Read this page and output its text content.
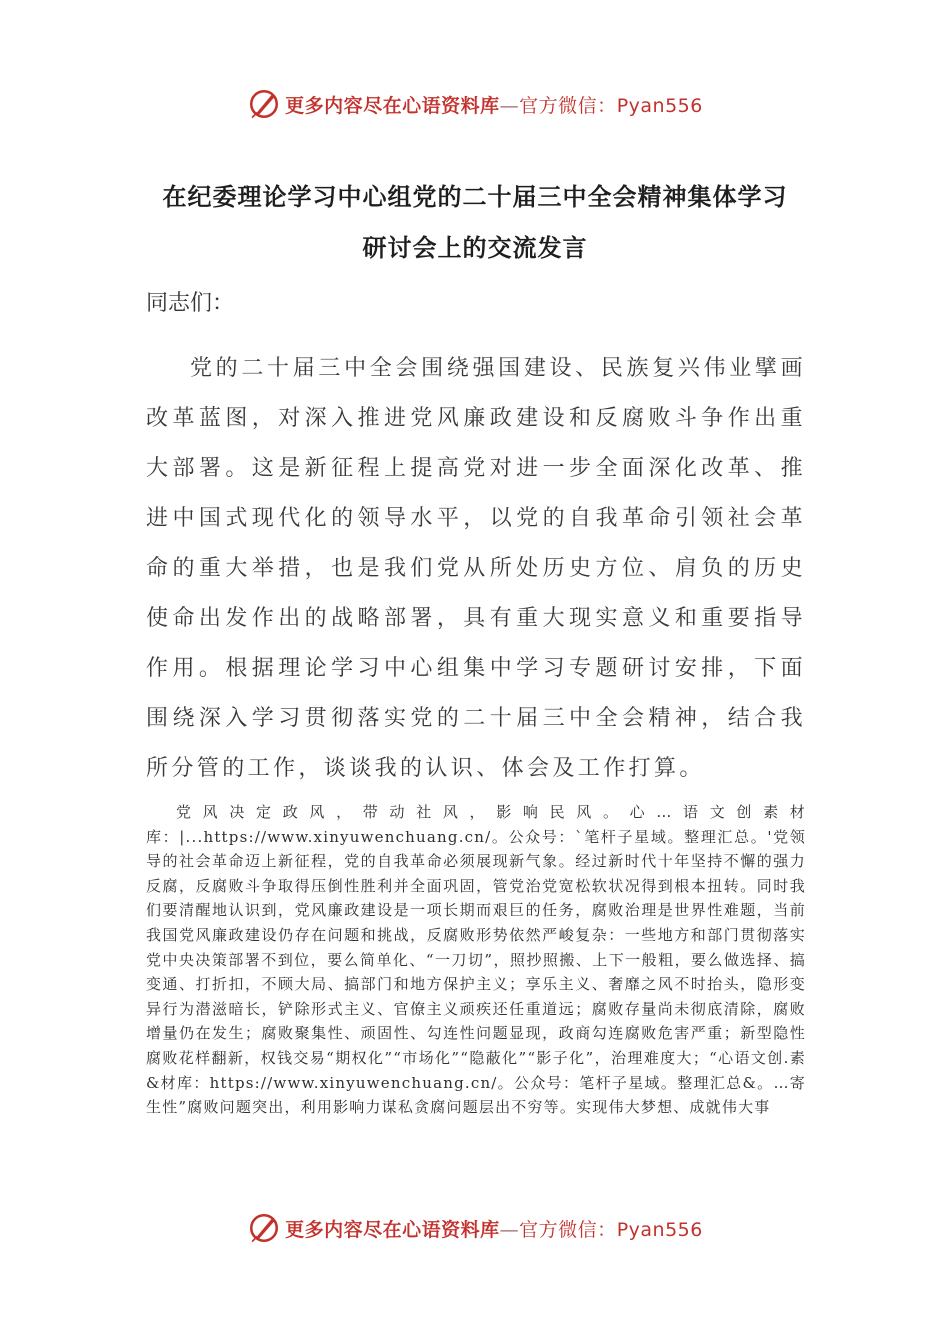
更多内容尽在心语资料库—官方微信：Pyan556
在纪委理论学习中心组党的二十届三中全会精神集体学习
研讨会上的交流发言
同志们：

党的二十届三中全会围绕强国建设、民族复兴伟业擘画改革蓝图，对深入推进党风廉政建设和反腐败斗争作出重大部署。这是新征程上提高党对进一步全面深化改革、推进中国式现代化的领导水平，以党的自我革命引领社会革命的重大举措，也是我们党从所处历史方位、肩负的历史使命出发作出的战略部署，具有重大现实意义和重要指导作用。根据理论学习中心组集中学习专题研讨安排，下面围绕深入学习贯彻落实党的二十届三中全会精神，结合我所分管的工作，谈谈我的认识、体会及工作打算。

党风决定政风，带动社风，影响民风。心…语文创素材库：|...https://www.xinyuwenchuang.cn/。公众号：`笔杆子星域。整理汇总。'党领导的社会革命迈上新征程，党的自我革命必须展现新气象。经过新时代十年坚持不懈的强力反腐，反腐败斗争取得压倒性胜利并全面巩固，管党治党宽松软状况得到根本扭转。同时我们要清醒地认识到，党风廉政建设是一项长期而艰巨的任务，腐败治理是世界性难题，当前我国党风廉政建设仍存在问题和挑战，反腐败形势依然严峻复杂：一些地方和部门贯彻落实党中央决策部署不到位，要么简单化、“一刀切”，照抄照搬、上下一般粗，要么做选择、搞变通、打折扣，不顾大局、搞部门和地方保护主义；享乐主义、奢靡之风不时抬头，隐形变异行为潜滋暗长，铲除形式主义、官僚主义顽疾还任重道远；腐败存量尚未彻底清除，腐败增量仍在发生；腐败聚集性、顽固性、勾连性问题显现，政商勾连腐败危害严重；新型隐性腐败花样翻新，权钱交易“期权化”“市场化”“隐蔽化”“影子化”，治理难度大；“心语文创.素&材库：https://www.xinyuwenchuang.cn/。公众号：笔杆子星域。整理汇总&。…寄生性”腐败问题突出，利用影响力谋私贪腐问题层出不穷等。实现伟大梦想、成就伟大事

更多内容尽在心语资料库—官方微信：Pyan556
